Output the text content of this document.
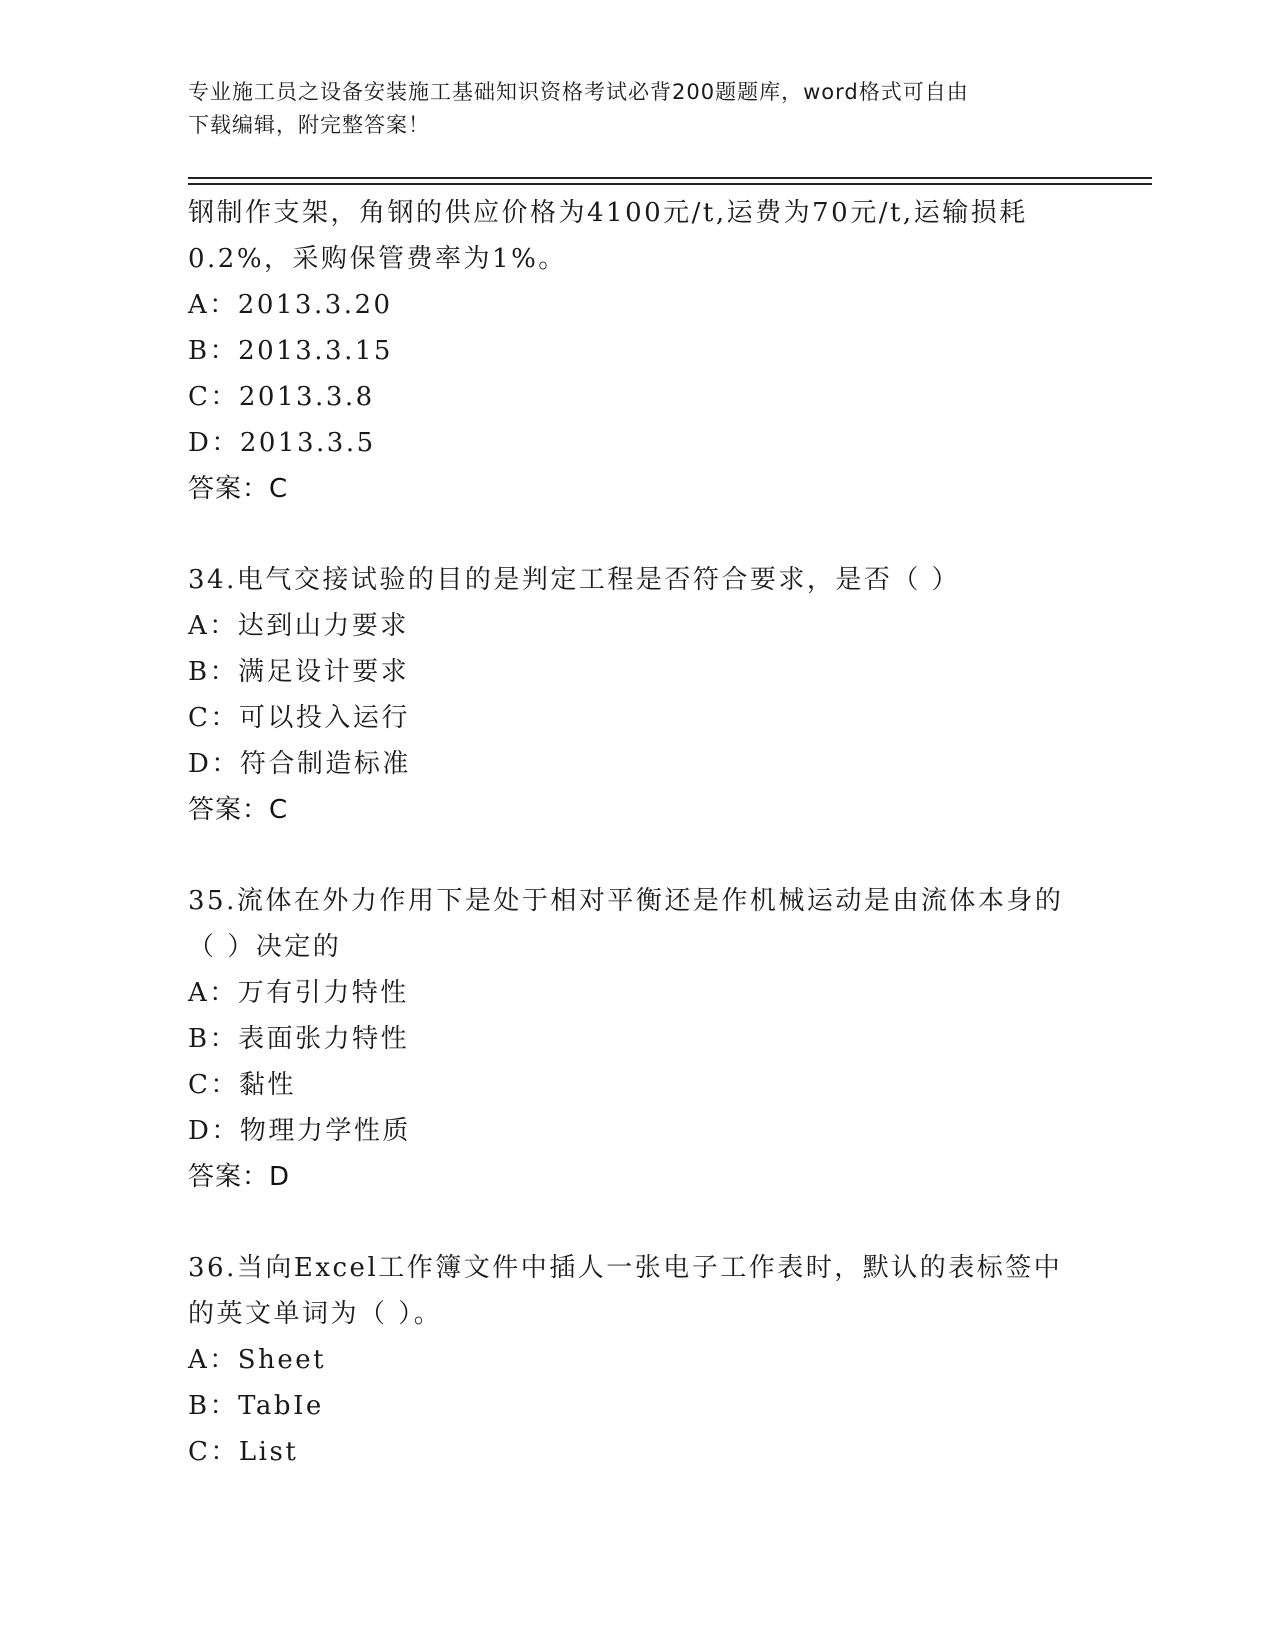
专业施工员之设备安装施工基础知识资格考试必背200题题库，word格式可自由
下载编辑，附完整答案！
钢制作支架，角钢的供应价格为4100元/t,运费为70元/t,运输损耗
0.2%，采购保管费率为1%。
A：2013.3.20
B：2013.3.15
C：2013.3.8
D：2013.3.5
答案：C
34.电气交接试验的目的是判定工程是否符合要求，是否（ ）
A：达到山力要求
B：满足设计要求
C：可以投入运行
D：符合制造标准
答案：C
35.流体在外力作用下是处于相对平衡还是作机械运动是由流体本身的
（ ）决定的
A：万有引力特性
B：表面张力特性
C：黏性
D：物理力学性质
答案：D
36.当向Excel工作簿文件中插人一张电子工作表时，默认的表标签中
的英文单词为（ ）。
A：Sheet
B：TabIe
C：List
